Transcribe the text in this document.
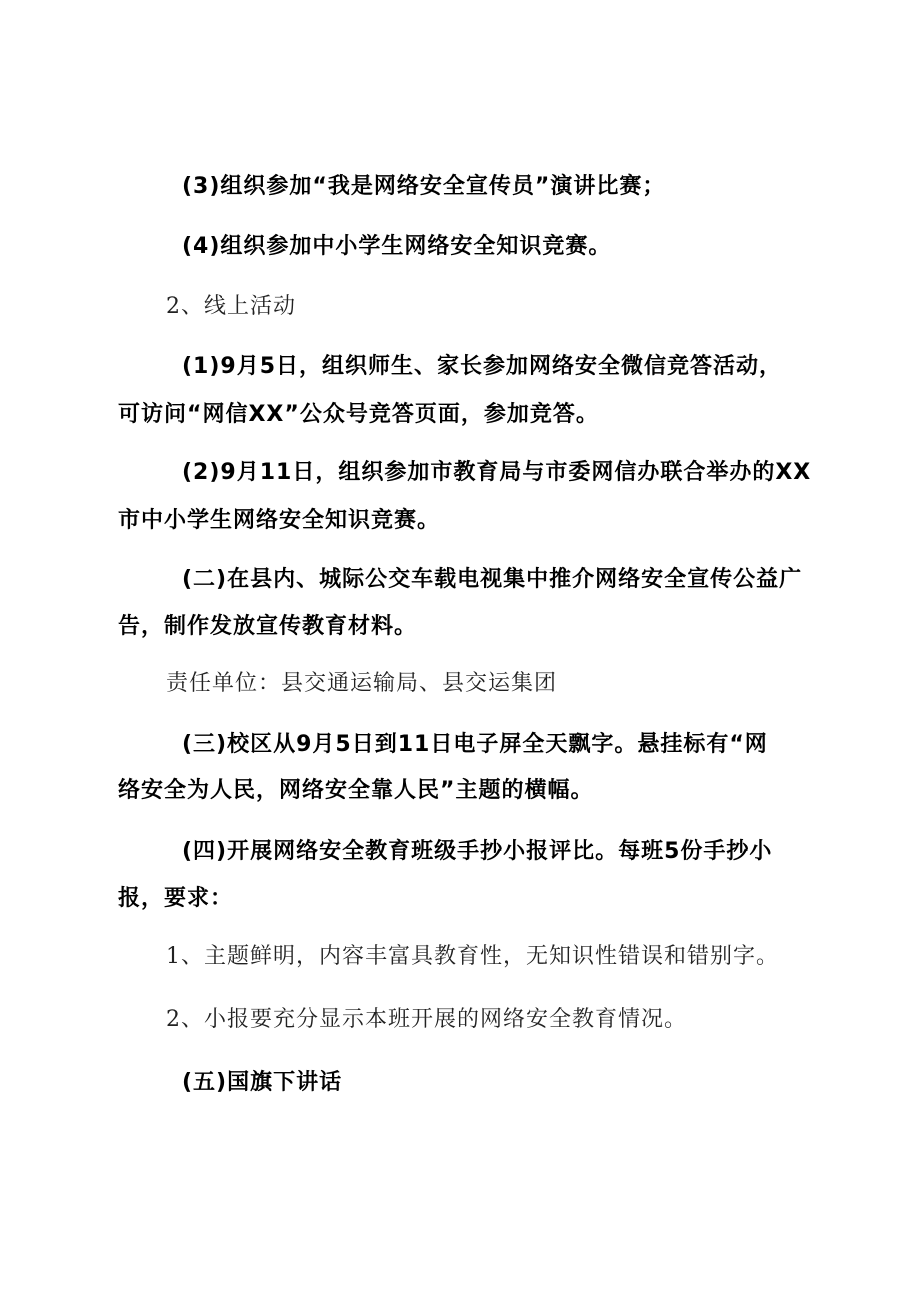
(3)组织参加“我是网络安全宣传员”演讲比赛；
(4)组织参加中小学生网络安全知识竞赛。
2、线上活动
(1)9月5日，组织师生、家长参加网络安全微信竞答活动，
可访问“网信XX”公众号竞答页面，参加竞答。
(2)9月11日，组织参加市教育局与市委网信办联合举办的XX
市中小学生网络安全知识竞赛。
(二)在县内、城际公交车载电视集中推介网络安全宣传公益广
告，制作发放宣传教育材料。
责任单位：县交通运输局、县交运集团
(三)校区从9月5日到11日电子屏全天飘字。悬挂标有“网
络安全为人民，网络安全靠人民”主题的横幅。
(四)开展网络安全教育班级手抄小报评比。每班5份手抄小
报，要求：
1、主题鲜明，内容丰富具教育性，无知识性错误和错别字。
2、小报要充分显示本班开展的网络安全教育情况。
(五)国旗下讲话
